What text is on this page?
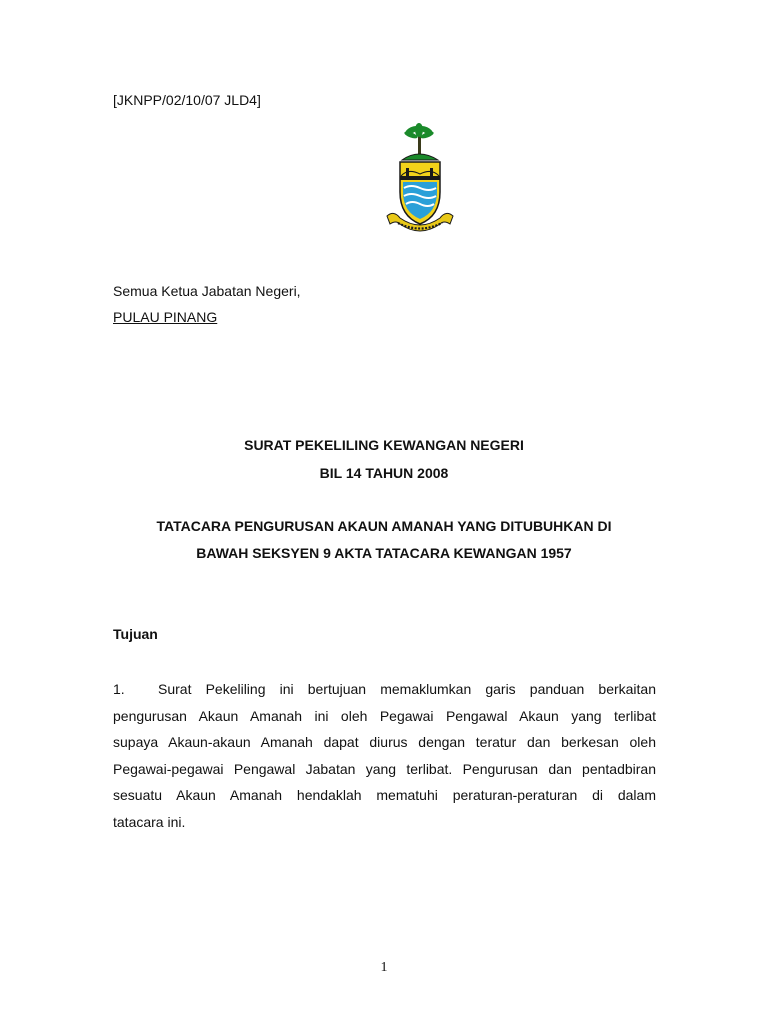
[JKNPP/02/10/07 JLD4]
Semua Ketua Jabatan Negeri,
PULAU PINANG
SURAT PEKELILING KEWANGAN NEGERI
BIL 14 TAHUN 2008
TATACARA PENGURUSAN AKAUN AMANAH YANG DITUBUHKAN DI
BAWAH SEKSYEN 9 AKTA TATACARA KEWANGAN 1957
Tujuan
1. Surat Pekeliling ini bertujuan memaklumkan garis panduan berkaitan
pengurusan Akaun Amanah ini oleh Pegawai Pengawal Akaun yang terlibat
supaya Akaun-akaun Amanah dapat diurus dengan teratur dan berkesan oleh
Pegawai-pegawai Pengawal Jabatan yang terlibat. Pengurusan dan pentadbiran
sesuatu Akaun Amanah hendaklah mematuhi peraturan-peraturan di dalam
tatacara ini.
1
